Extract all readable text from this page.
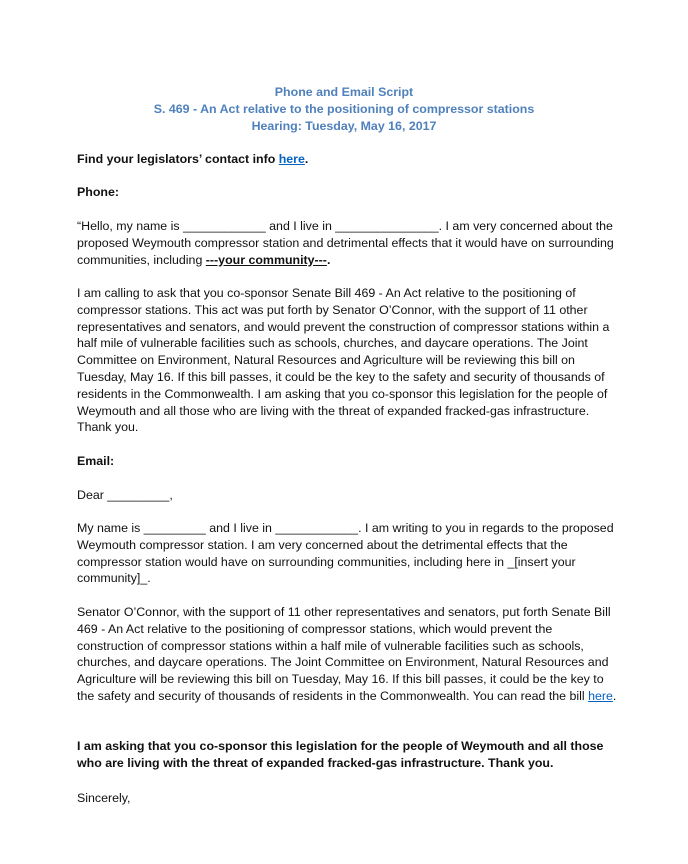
Phone and Email Script

S. 469 - An Act relative to the positioning of compressor stations

Hearing: Tuesday, May 16, 2017

Find your legislators’ contact info here.

Phone:

“Hello, my name is ____________ and I live in _______________. I am very concerned about the proposed Weymouth compressor station and detrimental effects that it would have on surrounding communities, including ---your community---.

I am calling to ask that you co-sponsor Senate Bill 469 - An Act relative to the positioning of compressor stations. This act was put forth by Senator O’Connor, with the support of 11 other representatives and senators, and would prevent the construction of compressor stations within a half mile of vulnerable facilities such as schools, churches, and daycare operations. The Joint Committee on Environment, Natural Resources and Agriculture will be reviewing this bill on Tuesday, May 16. If this bill passes, it could be the key to the safety and security of thousands of residents in the Commonwealth. I am asking that you co-sponsor this legislation for the people of Weymouth and all those who are living with the threat of expanded fracked-gas infrastructure. Thank you.

Email:

Dear _________,

My name is _________ and I live in ____________. I am writing to you in regards to the proposed Weymouth compressor station. I am very concerned about the detrimental effects that the compressor station would have on surrounding communities, including here in _[insert your community]_.

Senator O’Connor, with the support of 11 other representatives and senators, put forth Senate Bill 469 - An Act relative to the positioning of compressor stations, which would prevent the construction of compressor stations within a half mile of vulnerable facilities such as schools, churches, and daycare operations. The Joint Committee on Environment, Natural Resources and Agriculture will be reviewing this bill on Tuesday, May 16. If this bill passes, it could be the key to the safety and security of thousands of residents in the Commonwealth. You can read the bill here.

I am asking that you co-sponsor this legislation for the people of Weymouth and all those who are living with the threat of expanded fracked-gas infrastructure. Thank you.

Sincerely,
